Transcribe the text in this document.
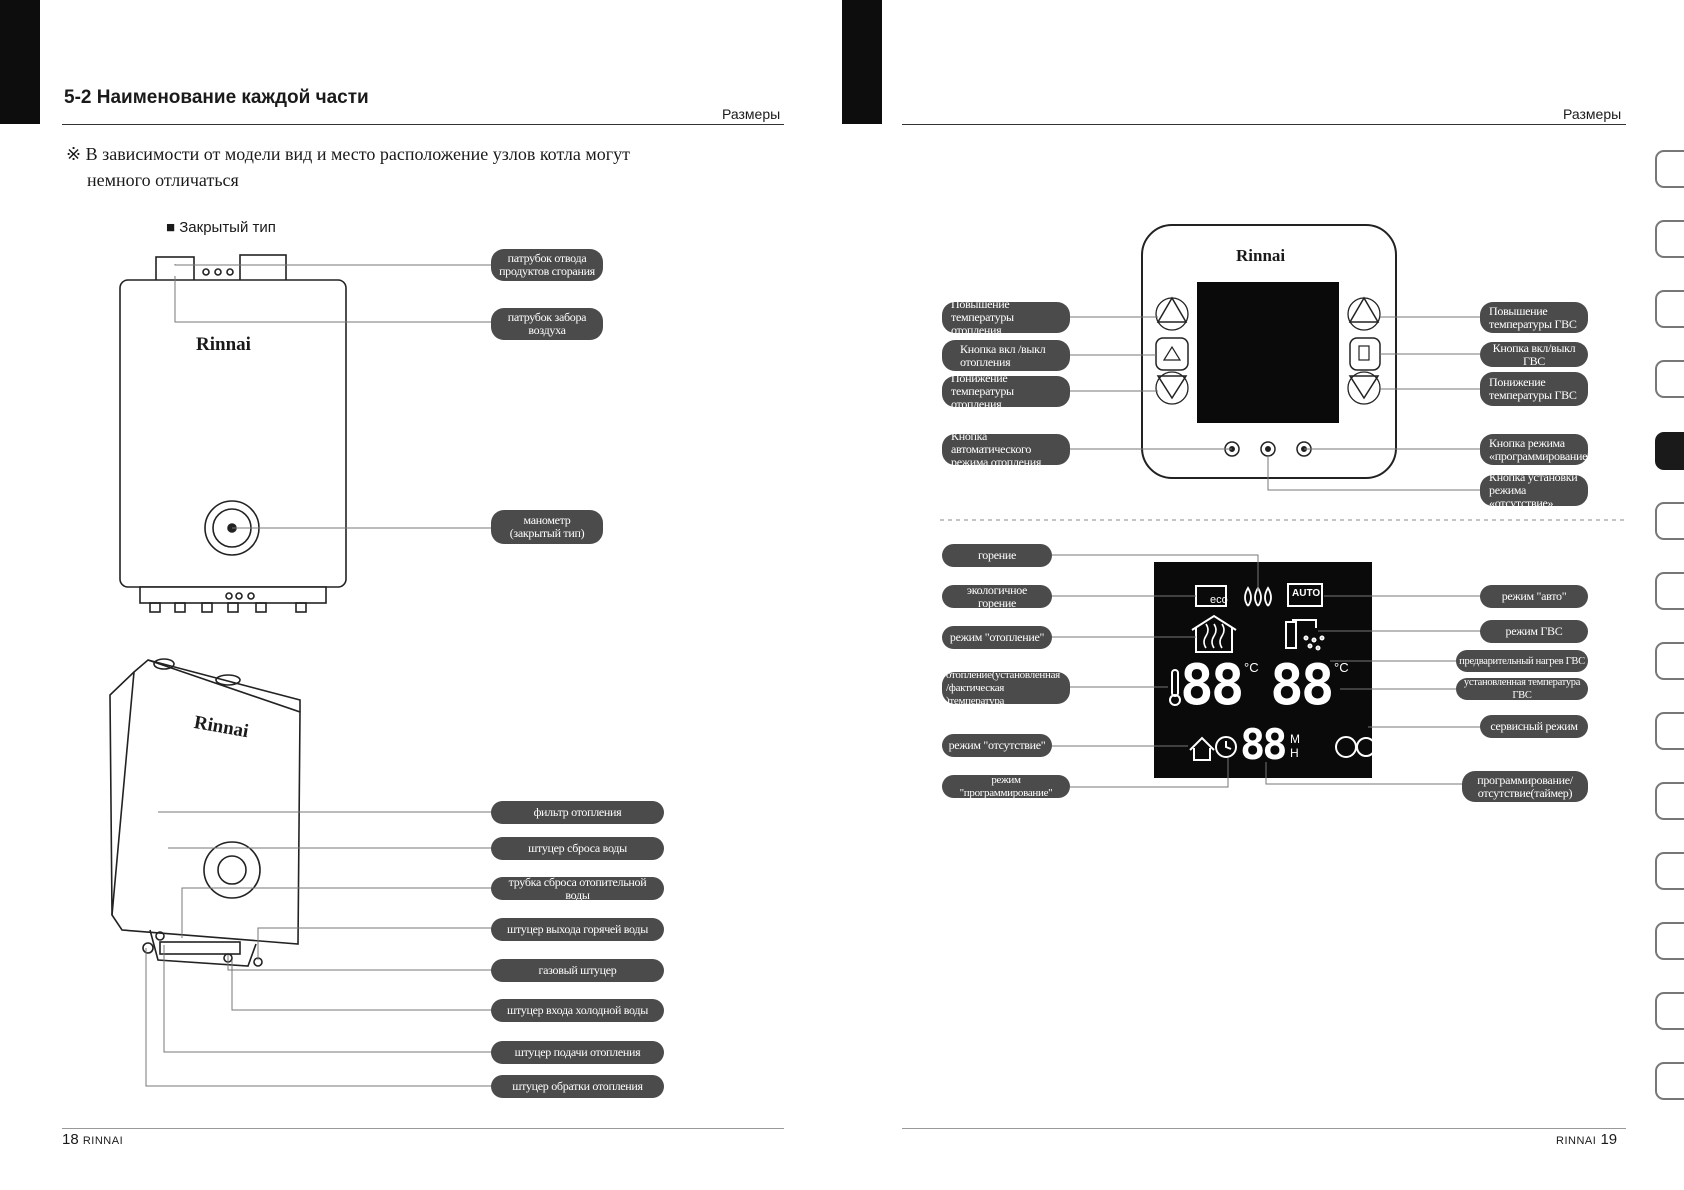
5-2 Наименование каждой части
Размеры
※ В зависимости от модели вид и место расположение узлов котла могут
немного отличаться
■ Закрытый тип
Размеры
18 RINNAI	RINNAI 19
Rinnai
Rinnai
Rinnai
eco
AUTO
88 °C 88 °C
88 MH
патрубок отвода продуктов сгорания
патрубок забора воздуха
манометр (закрытый тип)
фильтр отопления
штуцер сброса воды
трубка сброса отопительной воды
штуцер выхода горячей воды
газовый штуцер
штуцер входа холодной воды
штуцер подачи отопления
штуцер обратки отопления
Повышение температуры отопления
Кнопка вкл /выкл отопления
Понижение температуры отопления
Кнопка автоматического режима отопления
Повышение температуры ГВС
Кнопка вкл/выкл ГВС
Понижение температуры ГВС
Кнопка режима «программирование»
Кнопка установки режима «отсутствие»
горение
экологичное горение
режим "отопление"
отопление(установленная /фактическая )температура
режим "отсутствие"
режим "программирование"
режим "авто"
режим ГВС
предварительный нагрев ГВС
установленная температура ГВС
сервисный режим
программирование/ отсутствие(таймер)
